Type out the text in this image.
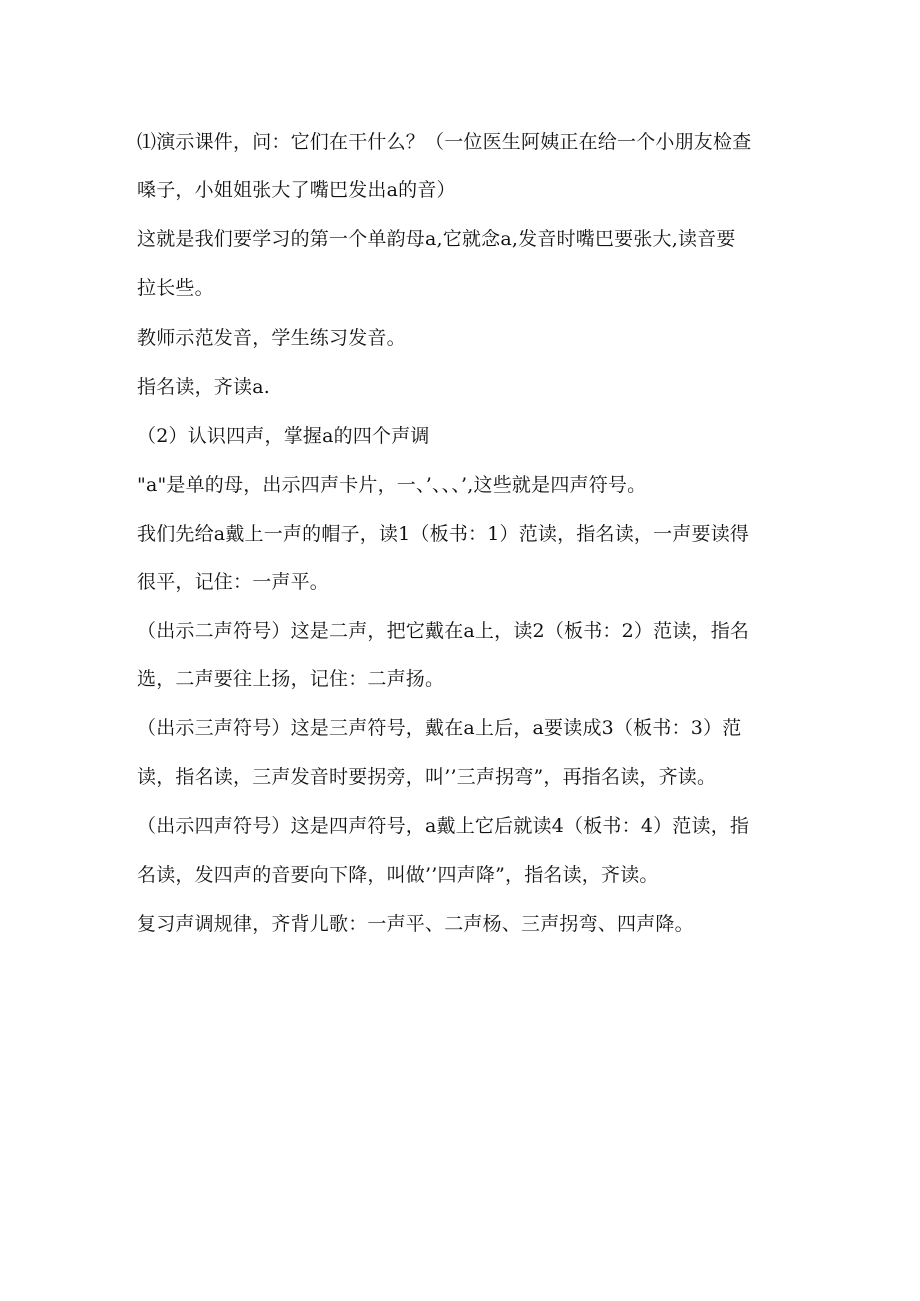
⑴演示课件，问：它们在干什么？（一位医生阿姨正在给一个小朋友检查

嗓子，小姐姐张大了嘴巴发出a的音）

这就是我们要学习的第一个单韵母a,它就念a,发音时嘴巴要张大,读音要

拉长些。

教师示范发音，学生练习发音。

指名读，齐读a.

（2）认识四声，掌握a的四个声调

"a"是单的母，出示四声卡片，一、’、、、’,这些就是四声符号。

我们先给a戴上一声的帽子，读1（板书：1）范读，指名读，一声要读得

很平，记住：一声平。

（出示二声符号）这是二声，把它戴在a上，读2（板书：2）范读，指名

选，二声要往上扬，记住：二声扬。

（出示三声符号）这是三声符号，戴在a上后，a要读成3（板书：3）范

读，指名读，三声发音时要拐旁，叫’’三声拐弯”，再指名读，齐读。

（出示四声符号）这是四声符号，a戴上它后就读4（板书：4）范读，指

名读，发四声的音要向下降，叫做’’四声降”，指名读，齐读。

复习声调规律，齐背儿歌：一声平、二声杨、三声拐弯、四声降。
